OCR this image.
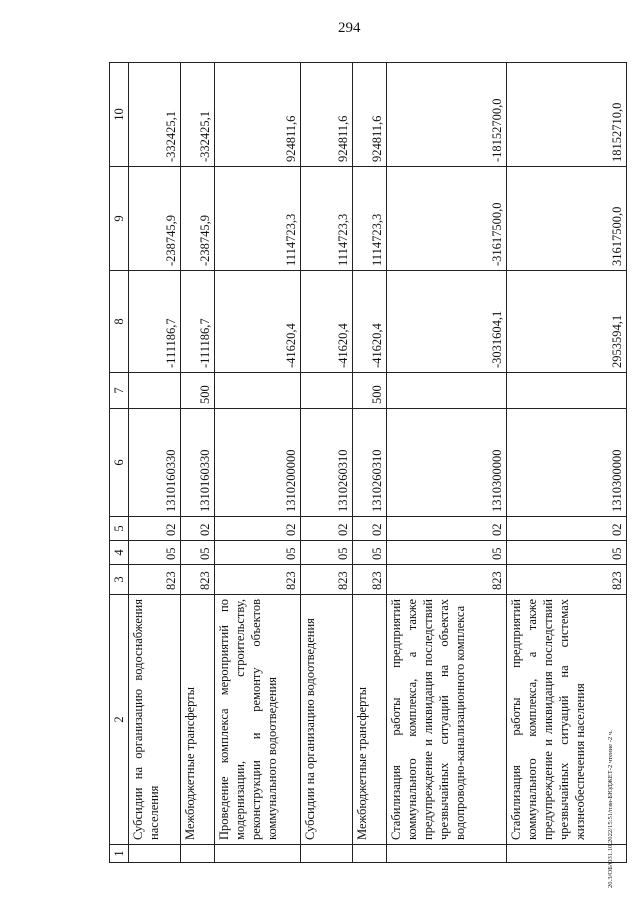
294
1	2	3	4	5	6	7	8	9	10
	Субсидии на организацию водоснабжения населения	823	05	02	1310160330		-111186,7	-238745,9	-332425,1
	Межбюджетные трансферты	823	05	02	1310160330	500	-111186,7	-238745,9	-332425,1
	Проведение комплекса мероприятий по модернизации, строительству, реконструкции и ремонту объектов коммунального водоотведения	823	05	02	1310200000		-41620,4	1114723,3	924811,6
	Субсидии на организацию водоотведения	823	05	02	1310260310		-41620,4	1114723,3	924811,6
	Межбюджетные трансферты	823	05	02	1310260310	500	-41620,4	1114723,3	924811,6
	Стабилизация работы предприятий коммунального комплекса, а также предупреждение и ликвидация последствий чрезвычайных ситуаций на объектах водопроводно-канализационного комплекса	823	05	02	1310300000		-3031604,1	-31617500,0	-18152700,0
	Стабилизация работы предприятий коммунального комплекса, а также предупреждение и ликвидация последствий чрезвычайных ситуаций на системах жизнеобеспечения населения	823	05	02	1310300000		2953594,1	31617500,0	18152710,0
20.3/ОБ/О31.10.2022/15:51/пзм-БЮДЖЕТ-2 чтение -2 ч.
